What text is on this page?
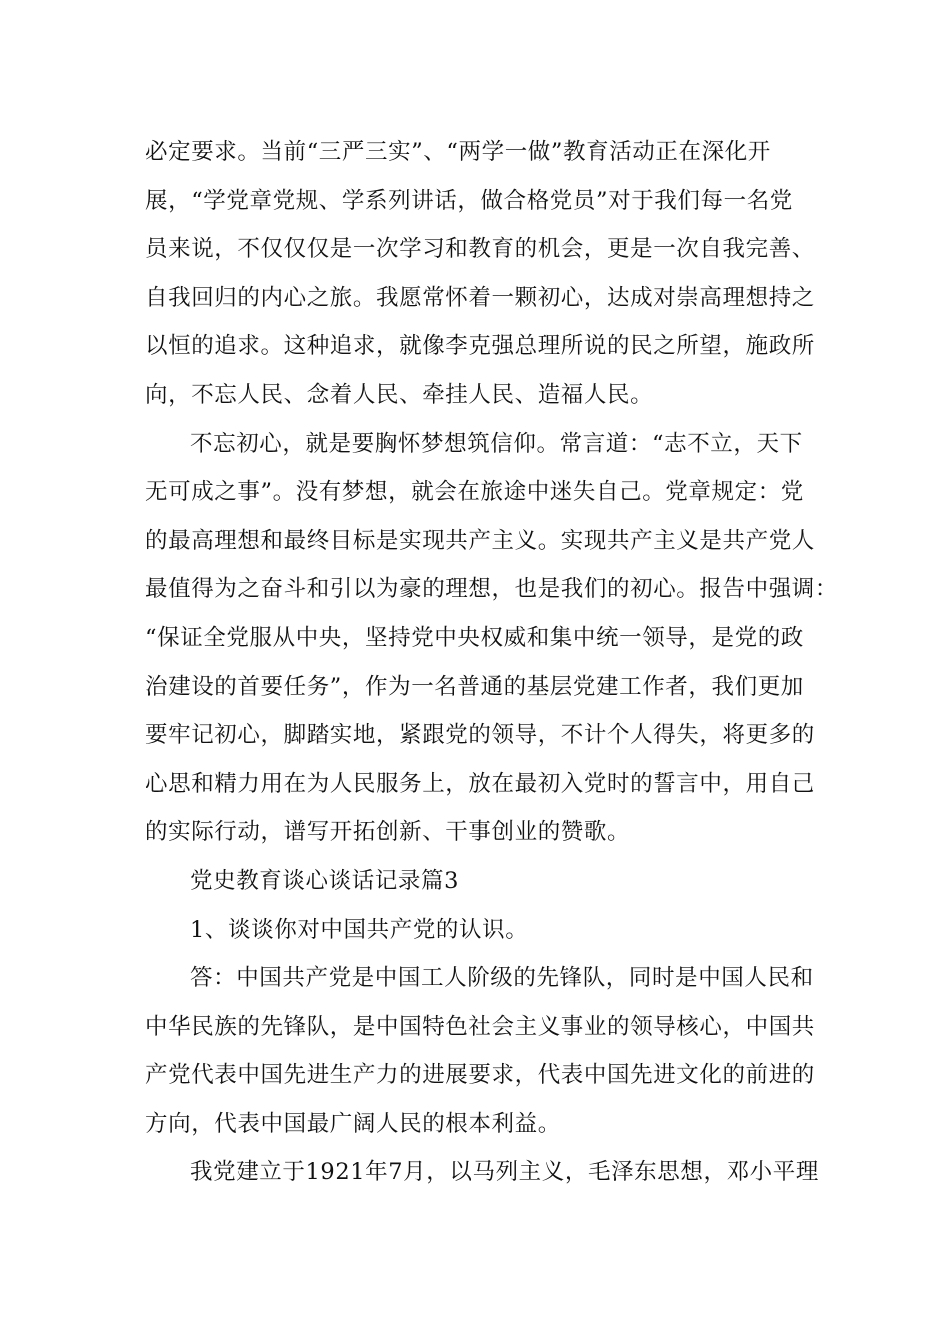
必定要求。当前“三严三实”、“两学一做”教育活动正在深化开
展，“学党章党规、学系列讲话，做合格党员”对于我们每一名党
员来说，不仅仅仅是一次学习和教育的机会，更是一次自我完善、
自我回归的内心之旅。我愿常怀着一颗初心，达成对崇高理想持之
以恒的追求。这种追求，就像李克强总理所说的民之所望，施政所
向，不忘人民、念着人民、牵挂人民、造福人民。
不忘初心，就是要胸怀梦想筑信仰。常言道：“志不立，天下
无可成之事”。没有梦想，就会在旅途中迷失自己。党章规定：党
的最高理想和最终目标是实现共产主义。实现共产主义是共产党人
最值得为之奋斗和引以为豪的理想，也是我们的初心。报告中强调：
“保证全党服从中央，坚持党中央权威和集中统一领导，是党的政
治建设的首要任务”，作为一名普通的基层党建工作者，我们更加
要牢记初心，脚踏实地，紧跟党的领导，不计个人得失，将更多的
心思和精力用在为人民服务上，放在最初入党时的誓言中，用自己
的实际行动，谱写开拓创新、干事创业的赞歌。
党史教育谈心谈话记录篇3
1、谈谈你对中国共产党的认识。
答：中国共产党是中国工人阶级的先锋队，同时是中国人民和
中华民族的先锋队，是中国特色社会主义事业的领导核心，中国共
产党代表中国先进生产力的进展要求，代表中国先进文化的前进的
方向，代表中国最广阔人民的根本利益。
我党建立于1921年7月，以马列主义，毛泽东思想，邓小平理
